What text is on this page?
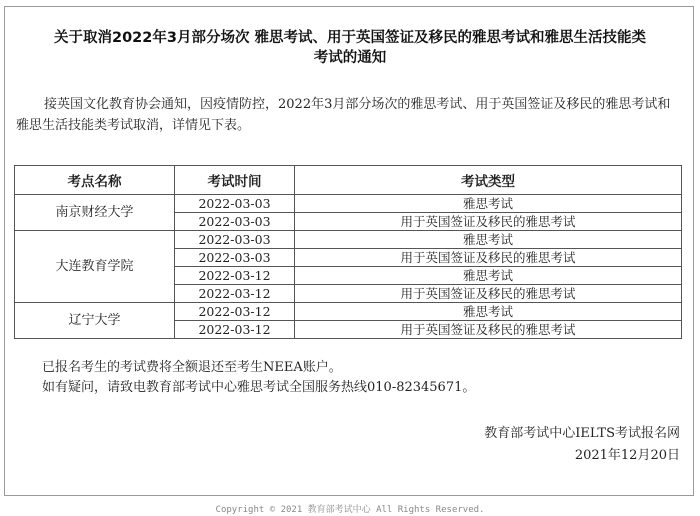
关于取消2022年3月部分场次 雅思考试、用于英国签证及移民的雅思考试和雅思生活技能类
考试的通知

接英国文化教育协会通知，因疫情防控，2022年3月部分场次的雅思考试、用于英国签证及移民的雅思考试和雅思生活技能类考试取消，详情见下表。

考点名称	考试时间	考试类型
南京财经大学	2022-03-03	雅思考试
	2022-03-03	用于英国签证及移民的雅思考试
大连教育学院	2022-03-03	雅思考试
	2022-03-03	用于英国签证及移民的雅思考试
	2022-03-12	雅思考试
	2022-03-12	用于英国签证及移民的雅思考试
辽宁大学	2022-03-12	雅思考试
	2022-03-12	用于英国签证及移民的雅思考试
已报名考生的考试费将全额退还至考生NEEA账户。
如有疑问，请致电教育部考试中心雅思考试全国服务热线010-82345671。
教育部考试中心IELTS考试报名网
2021年12月20日
Copyright © 2021 教育部考试中心 All Rights Reserved.
